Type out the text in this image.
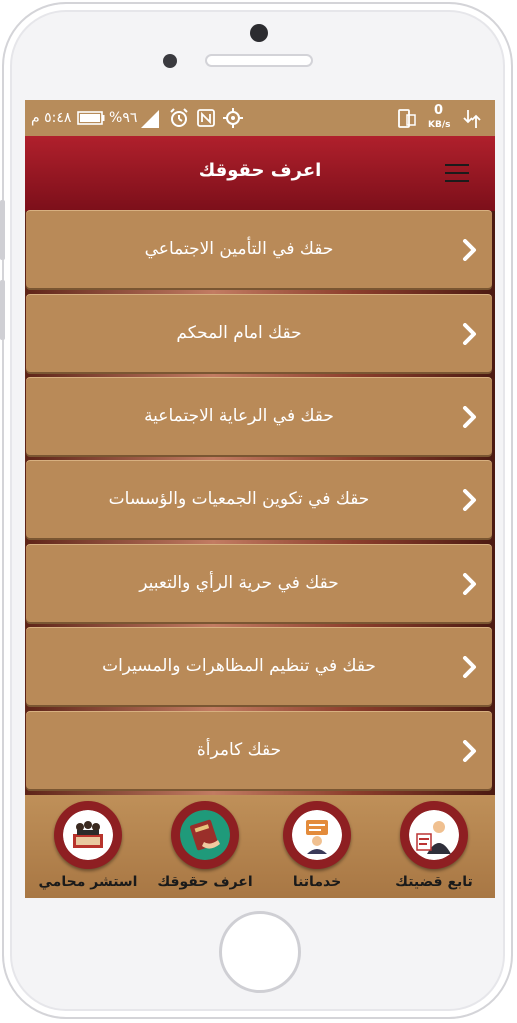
٥:٤٨ م	%٩٦	0
KB/s
اعرف حقوقك
حقك في التأمين الاجتماعي
حقك امام المحكم
حقك في الرعاية الاجتماعية
حقك في تكوين الجمعيات والؤسسات
حقك في حرية الرأي والتعبير
حقك في تنظيم المظاهرات والمسيرات
حقك كامرأة
استشر محامي	اعرف حقوقك	خدماتنا	تابع قضيتك
